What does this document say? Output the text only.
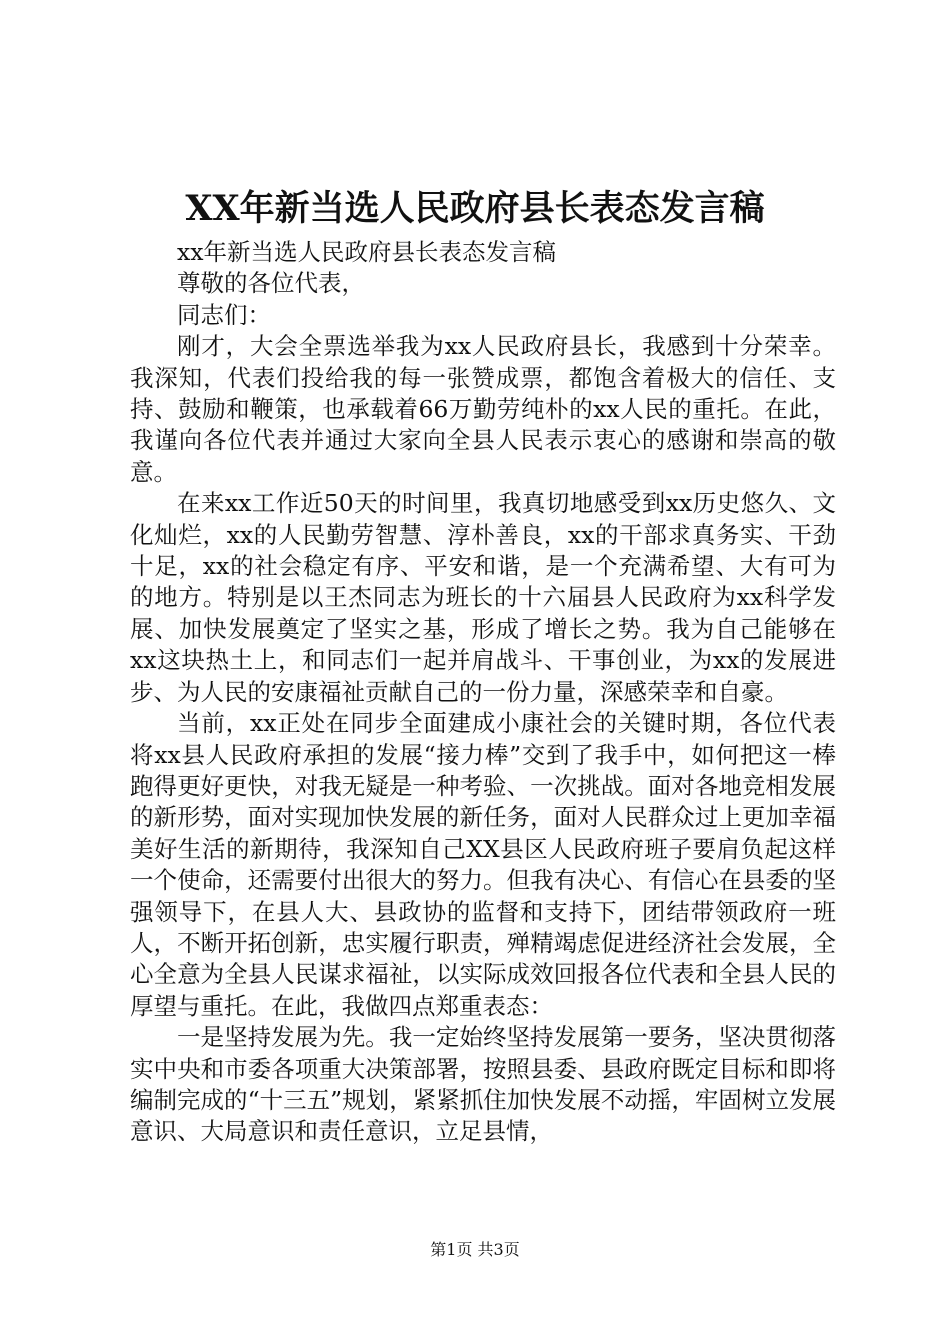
XX年新当选人民政府县长表态发言稿

xx年新当选人民政府县长表态发言稿

尊敬的各位代表，

同志们：

刚才，大会全票选举我为xx人民政府县长，我感到十分荣幸。我深知，代表们投给我的每一张赞成票，都饱含着极大的信任、支持、鼓励和鞭策，也承载着66万勤劳纯朴的xx人民的重托。在此，我谨向各位代表并通过大家向全县人民表示衷心的感谢和崇高的敬意。

在来xx工作近50天的时间里，我真切地感受到xx历史悠久、文化灿烂，xx的人民勤劳智慧、淳朴善良，xx的干部求真务实、干劲十足，xx的社会稳定有序、平安和谐，是一个充满希望、大有可为的地方。特别是以王杰同志为班长的十六届县人民政府为xx科学发展、加快发展奠定了坚实之基，形成了增长之势。我为自己能够在xx这块热土上，和同志们一起并肩战斗、干事创业，为xx的发展进步、为人民的安康福祉贡献自己的一份力量，深感荣幸和自豪。

当前，xx正处在同步全面建成小康社会的关键时期，各位代表将xx县人民政府承担的发展“接力棒”交到了我手中，如何把这一棒跑得更好更快，对我无疑是一种考验、一次挑战。面对各地竞相发展的新形势，面对实现加快发展的新任务，面对人民群众过上更加幸福美好生活的新期待，我深知自己XX县区人民政府班子要肩负起这样一个使命，还需要付出很大的努力。但我有决心、有信心在县委的坚强领导下，在县人大、县政协的监督和支持下，团结带领政府一班人，不断开拓创新，忠实履行职责，殚精竭虑促进经济社会发展，全心全意为全县人民谋求福祉，以实际成效回报各位代表和全县人民的厚望与重托。在此，我做四点郑重表态：

一是坚持发展为先。我一定始终坚持发展第一要务，坚决贯彻落实中央和市委各项重大决策部署，按照县委、县政府既定目标和即将编制完成的“十三五”规划，紧紧抓住加快发展不动摇，牢固树立发展意识、大局意识和责任意识，立足县情，

第1页 共3页
